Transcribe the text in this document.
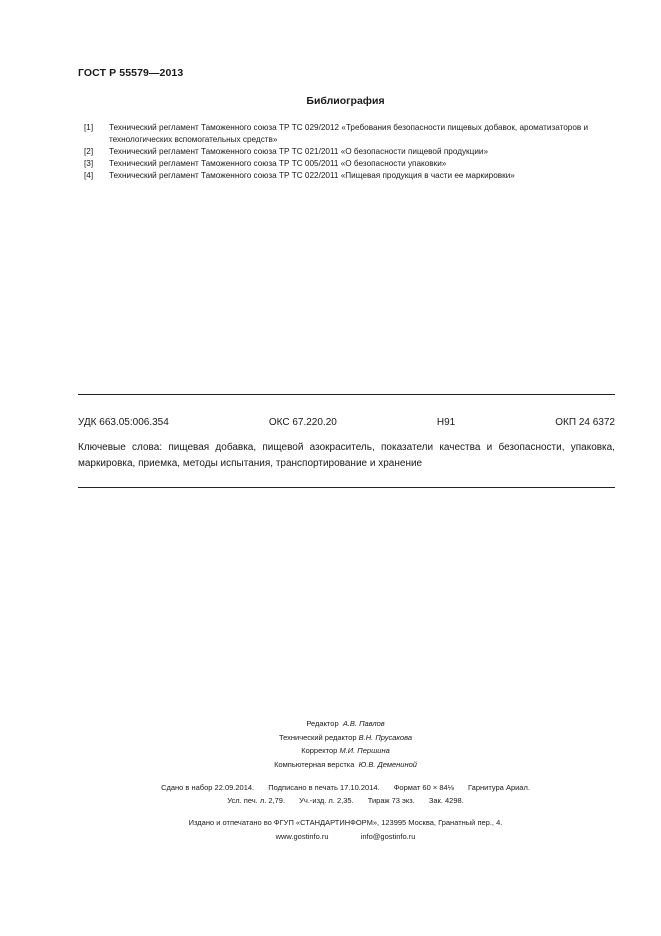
ГОСТ Р 55579—2013
Библиография
[1]	Технический регламент Таможенного союза ТР ТС 029/2012 «Требования безопасности пищевых добавок, ароматизаторов и технологических вспомогательных средств»
[2]	Технический регламент Таможенного союза ТР ТС 021/2011 «О безопасности пищевой продукции»
[3]	Технический регламент Таможенного союза ТР ТС 005/2011 «О безопасности упаковки»
[4]	Технический регламент Таможенного союза ТР ТС 022/2011 «Пищевая продукция в части ее маркировки»
УДК 663.05:006.354	ОКС 67.220.20	Н91	ОКП 24 6372
Ключевые слова: пищевая добавка, пищевой азокраситель, показатели качества и безопасности, упаковка, маркировка, приемка, методы испытания, транспортирование и хранение
Редактор А.В. Павлов
Технический редактор В.Н. Прусакова
Корректор М.И. Першина
Компьютерная верстка Ю.В. Демениной
Сдано в набор 22.09.2014. Подписано в печать 17.10.2014. Формат 60 × 84⅛ Гарнитура Ариал.
Усл. печ. л. 2,79. Уч.-изд. л. 2,35. Тираж 73 экз. Зак. 4298.
Издано и отпечатано во ФГУП «СТАНДАРТИНФОРМ», 123995 Москва, Гранатный пер., 4.
www.gostinfo.ru	info@gostinfo.ru
